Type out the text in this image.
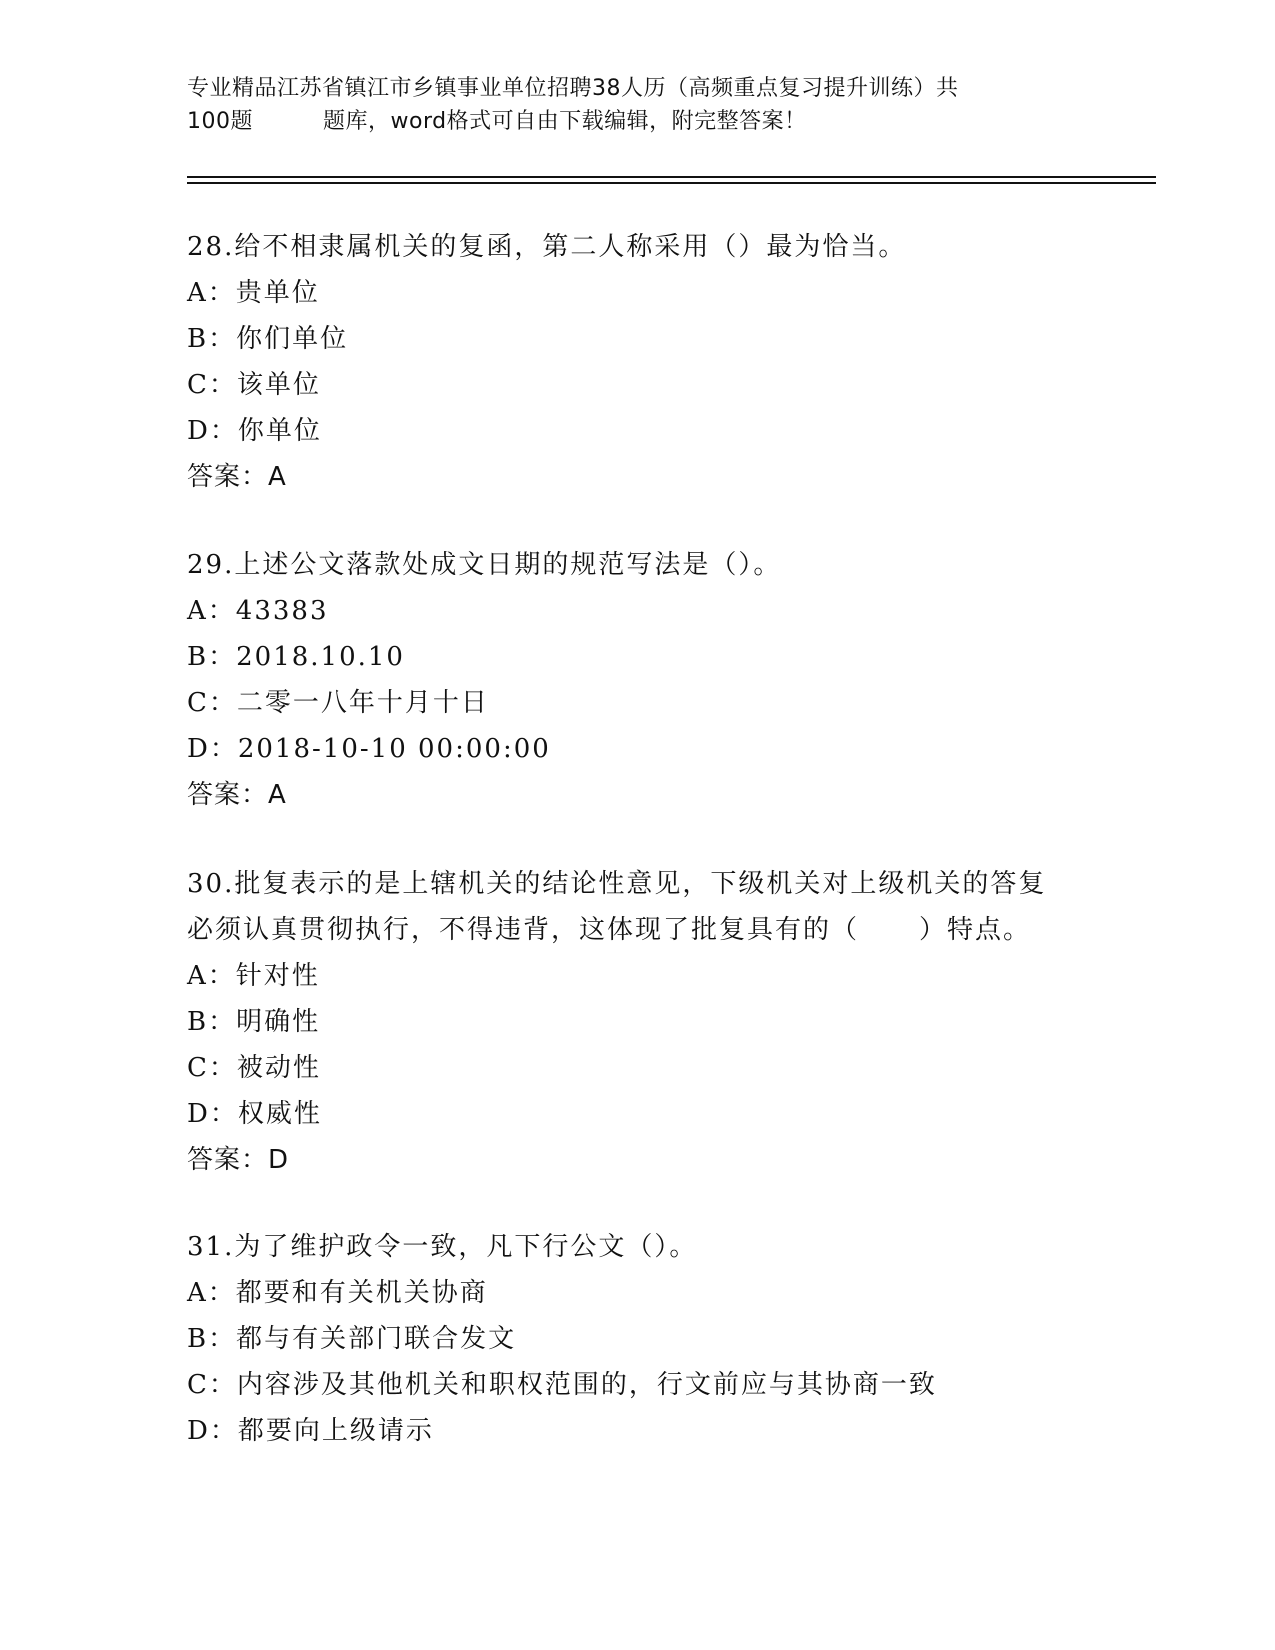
专业精品江苏省镇江市乡镇事业单位招聘38人历（高频重点复习提升训练）共
100题	题库，word格式可自由下载编辑，附完整答案！
28.给不相隶属机关的复函，第二人称采用（）最为恰当。
A：贵单位
B：你们单位
C：该单位
D：你单位
答案：A
29.上述公文落款处成文日期的规范写法是（）。
A：43383
B：2018.10.10
C：二零一八年十月十日
D：2018-10-10 00:00:00
答案：A
30.批复表示的是上辖机关的结论性意见，下级机关对上级机关的答复
必须认真贯彻执行，不得违背，这体现了批复具有的（ ）特点。
A：针对性
B：明确性
C：被动性
D：权威性
答案：D
31.为了维护政令一致，凡下行公文（）。
A：都要和有关机关协商
B：都与有关部门联合发文
C：内容涉及其他机关和职权范围的，行文前应与其协商一致
D：都要向上级请示
